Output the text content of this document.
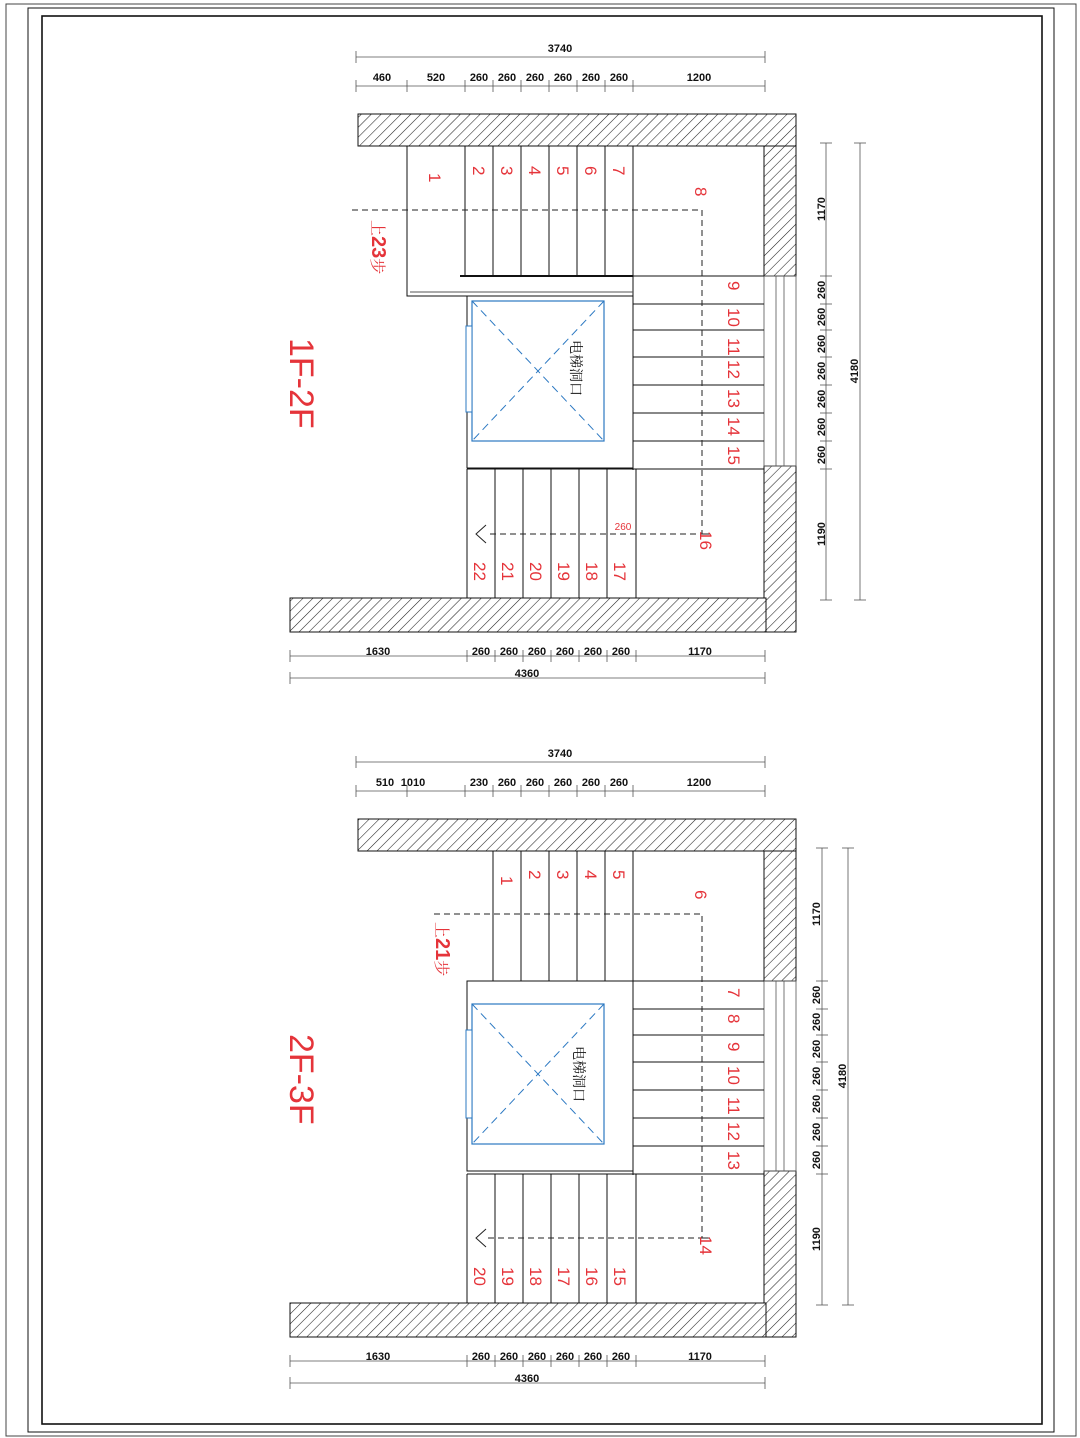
3740
460	520 260 260 260 260 260 260	1200
电梯洞口
1
2 3 4 5 6 7
8
9
10
11
12
13
14
15
16
17
18
19
20
21
22
260
上23步
1F-2F
1630	260 260 260 260 260 260	1170
4360
1170
260
260
260
260
260
260
260
1190
4180
3740
510 1010	230 260 260 260 260 260	1200
电梯洞口
1
2 3 4 5
6
7
8
9
10
11
12
13
14
15
16
17
18
19
20
上21步
2F-3F
1630	260 260 260 260 260 260	1170
4360
1170
260
260
260
260
260
260
260
1190
4180
